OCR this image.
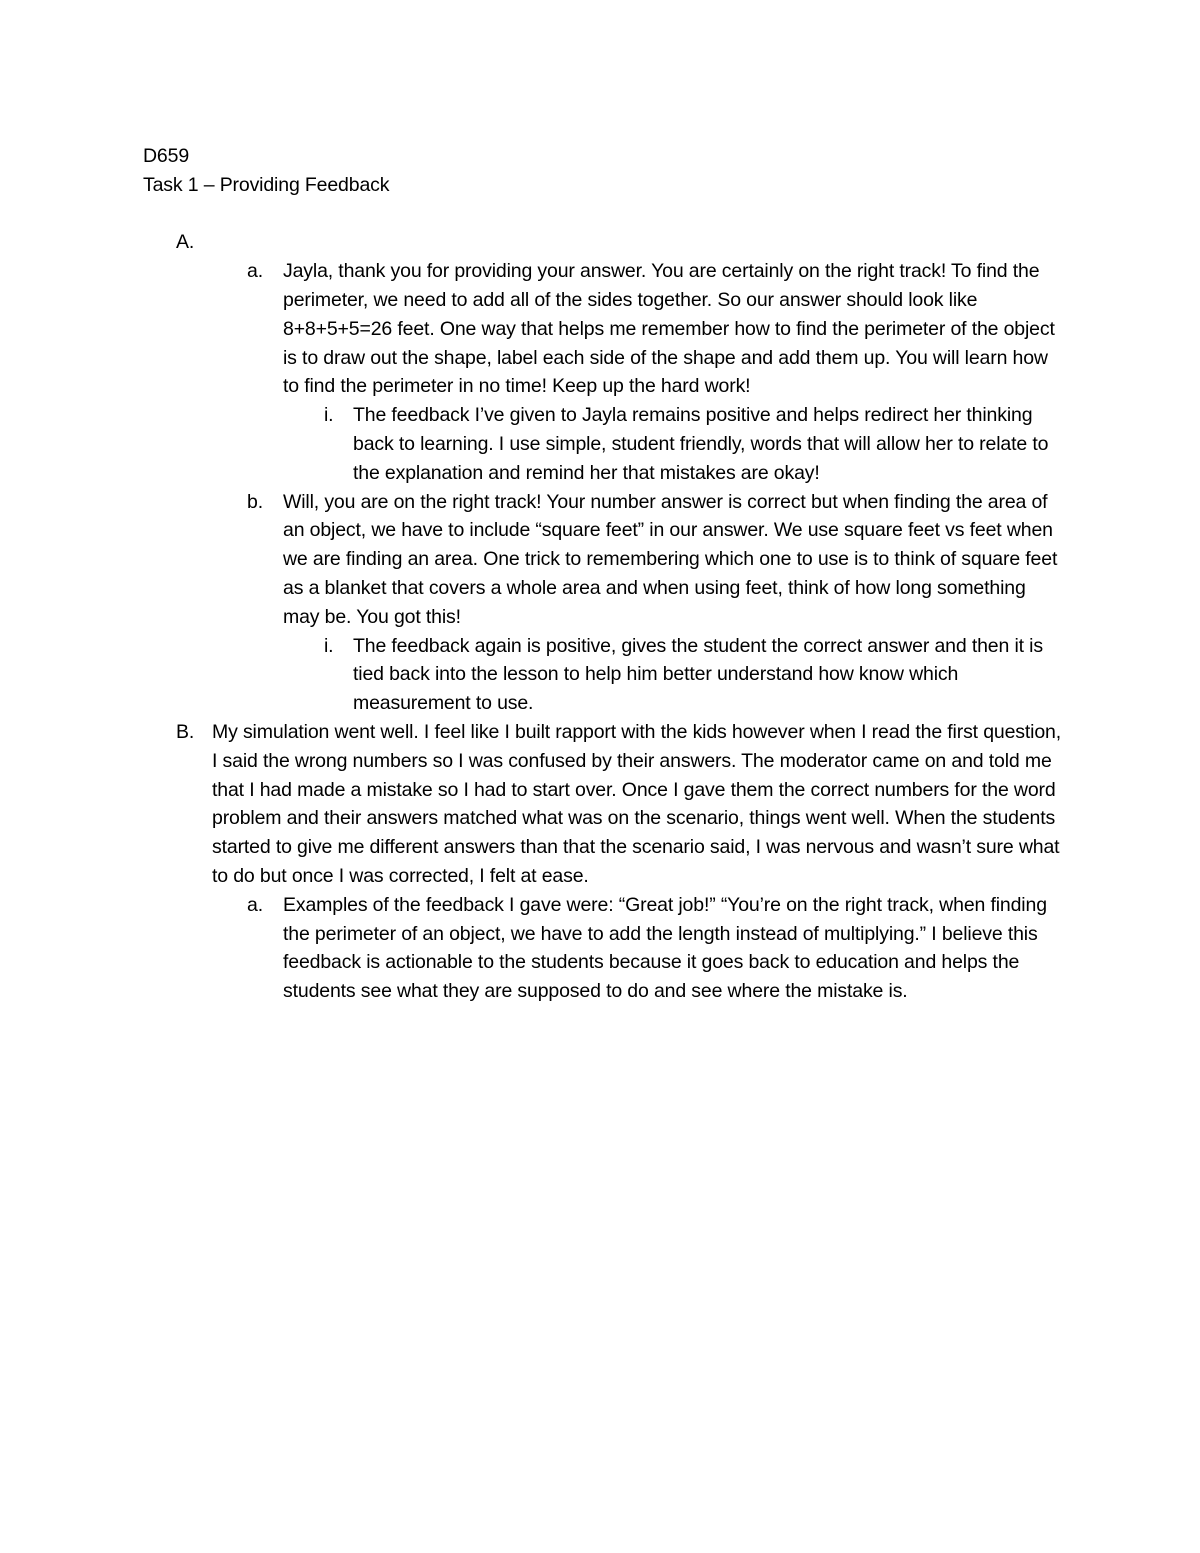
D659

Task 1 – Providing Feedback

A.
a. Jayla, thank you for providing your answer. You are certainly on the right track! To find the perimeter, we need to add all of the sides together. So our answer should look like 8+8+5+5=26 feet. One way that helps me remember how to find the perimeter of the object is to draw out the shape, label each side of the shape and add them up. You will learn how to find the perimeter in no time! Keep up the hard work!
i. The feedback I’ve given to Jayla remains positive and helps redirect her thinking back to learning. I use simple, student friendly, words that will allow her to relate to the explanation and remind her that mistakes are okay!
b. Will, you are on the right track! Your number answer is correct but when finding the area of an object, we have to include “square feet” in our answer. We use square feet vs feet when we are finding an area. One trick to remembering which one to use is to think of square feet as a blanket that covers a whole area and when using feet, think of how long something may be. You got this!
i. The feedback again is positive, gives the student the correct answer and then it is tied back into the lesson to help him better understand how know which measurement to use.
B. My simulation went well. I feel like I built rapport with the kids however when I read the first question, I said the wrong numbers so I was confused by their answers. The moderator came on and told me that I had made a mistake so I had to start over. Once I gave them the correct numbers for the word problem and their answers matched what was on the scenario, things went well. When the students started to give me different answers than that the scenario said, I was nervous and wasn’t sure what to do but once I was corrected, I felt at ease.
a. Examples of the feedback I gave were: “Great job!” “You’re on the right track, when finding the perimeter of an object, we have to add the length instead of multiplying.” I believe this feedback is actionable to the students because it goes back to education and helps the students see what they are supposed to do and see where the mistake is.
